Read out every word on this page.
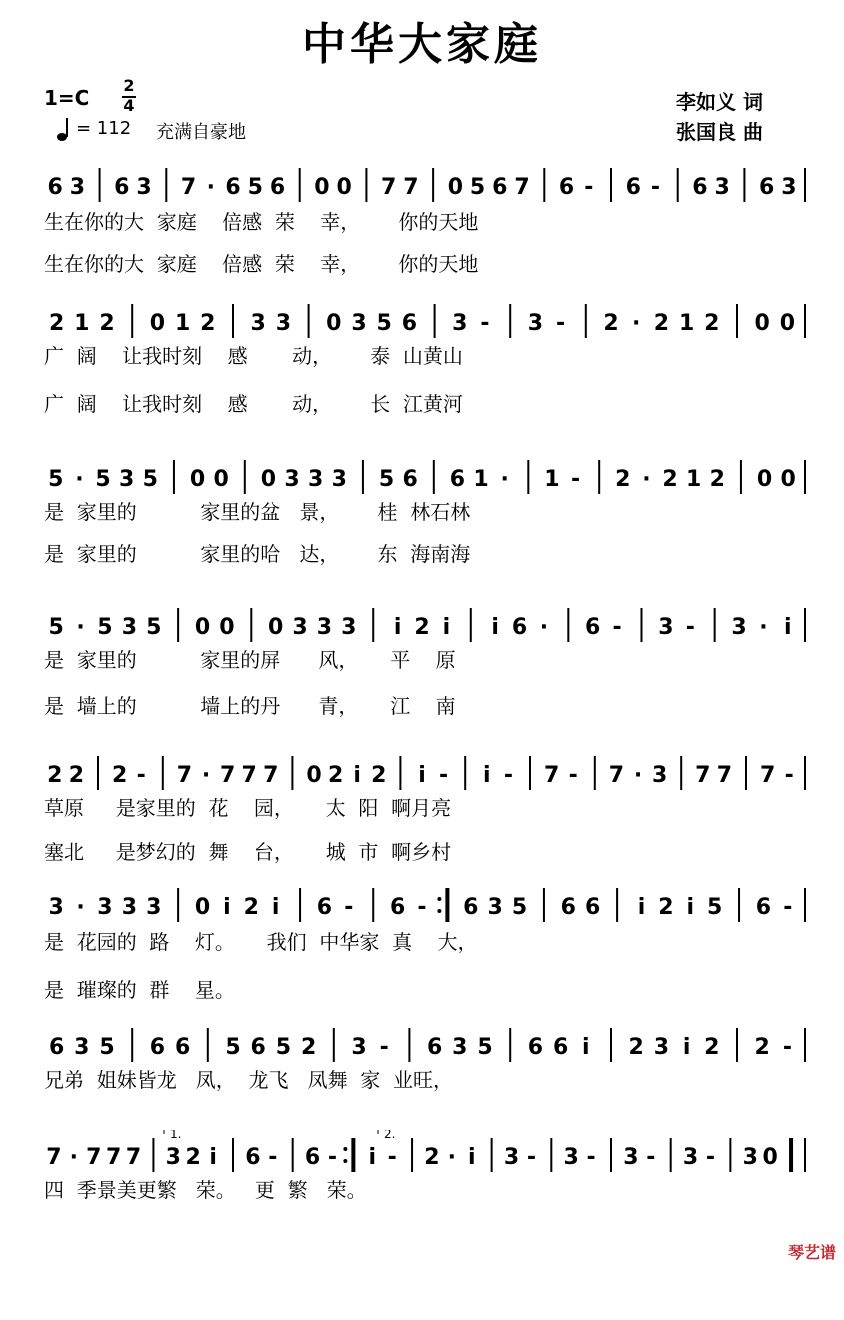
中华大家庭
1=C
2
4
= 112 充满自豪地
李如义 词
张国良 曲
6 3 6 3 7 · 6 5 6 0 0 7 7 0 5 6 7 6 - 6 - 6 3 6 3
生在你的大  家庭    倍感  荣    幸，      你的天地
生在你的大  家庭    倍感  荣    幸，      你的天地
2 1 2 0 1 2 3 3 0 3 5 6 3 - 3 - 2 · 2 1 2 0 0
广  阔    让我时刻    感       动，      泰  山黄山
广  阔    让我时刻    感       动，      长  江黄河
5 · 5 3 5 0 0 0 3 3 3 5 6 6 1 · 1 - 2 · 2 1 2 0 0
是  家里的          家里的盆   景，      桂  林石林
是  家里的          家里的哈   达，      东  海南海
5 · 5 3 5 0 0 0 3 3 3 i 2 i i 6 · 6 - 3 - 3 · i
是  家里的          家里的屏      风，     平    原
是  墙上的          墙上的丹      青，     江    南
2 2 2 - 7 · 7 7 7 0 2 i 2 i - i - 7 - 7 · 3 7 7 7 -
草原     是家里的  花    园，     太  阳  啊月亮
塞北     是梦幻的  舞    台，     城  市  啊乡村
3 · 3 3 3 0 i 2 i 6 - 6 - 6 3 5 6 6 i 2 i 5 6 -
是  花园的  路    灯。     我们  中华家  真    大，
是  璀璨的  群    星。
6 3 5 6 6 5 6 5 2 3 - 6 3 5 6 6 i 2 3 i 2 2 -
兄弟  姐妹皆龙   凤，  龙飞   凤舞  家  业旺，
7 · 7 7 7 3 2 i 6 - 6 - i - 2 · i 3 - 3 - 3 - 3 - 3 0
1.	2.
四  季景美更繁   荣。   更  繁   荣。
琴艺谱
